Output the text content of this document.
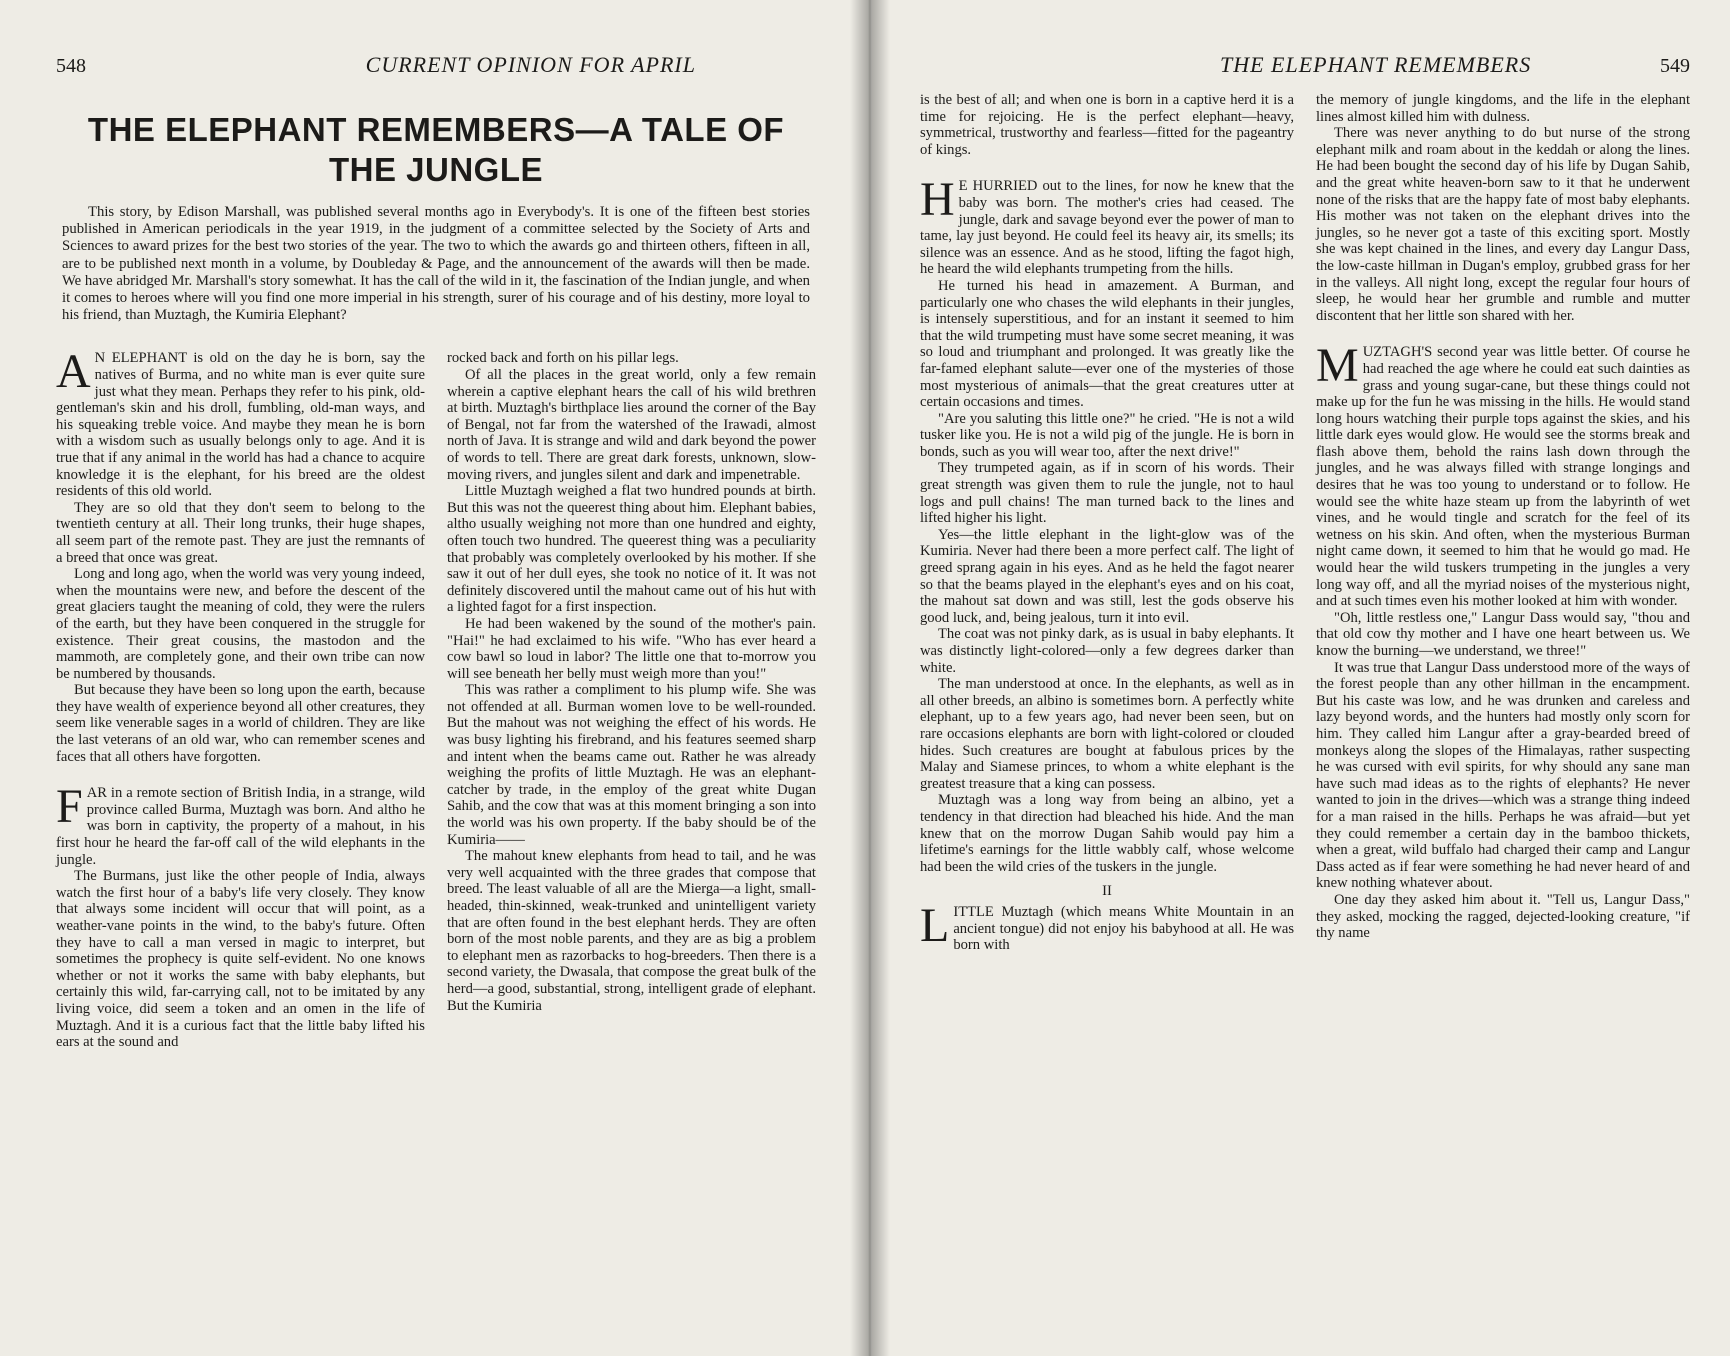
548	CURRENT OPINION FOR APRIL
THE ELEPHANT REMEMBERS—A TALE OF THE JUNGLE

This story, by Edison Marshall, was published several months ago in Everybody's. It is one of the fifteen best stories published in American periodicals in the year 1919, in the judgment of a committee selected by the Society of Arts and Sciences to award prizes for the best two stories of the year. The two to which the awards go and thirteen others, fifteen in all, are to be published next month in a volume, by Doubleday & Page, and the announcement of the awards will then be made. We have abridged Mr. Marshall's story somewhat. It has the call of the wild in it, the fascination of the Indian jungle, and when it comes to heroes where will you find one more imperial in his strength, surer of his courage and of his destiny, more loyal to his friend, than Muztagh, the Kumiria Elephant?

A N ELEPHANT is old on the day he is born, say the natives of Burma, and no white man is ever quite sure just what they mean. Perhaps they refer to his pink, old-gentleman's skin and his droll, fumbling, old-man ways, and his squeaking treble voice. And maybe they mean he is born with a wisdom such as usually belongs only to age. And it is true that if any animal in the world has had a chance to acquire knowledge it is the elephant, for his breed are the oldest residents of this old world.

They are so old that they don't seem to belong to the twentieth century at all. Their long trunks, their huge shapes, all seem part of the remote past. They are just the remnants of a breed that once was great.

Long and long ago, when the world was very young indeed, when the mountains were new, and before the descent of the great glaciers taught the meaning of cold, they were the rulers of the earth, but they have been conquered in the struggle for existence. Their great cousins, the mastodon and the mammoth, are completely gone, and their own tribe can now be numbered by thousands.

But because they have been so long upon the earth, because they have wealth of experience beyond all other creatures, they seem like venerable sages in a world of children. They are like the last veterans of an old war, who can remember scenes and faces that all others have forgotten.

FAR in a remote section of British India, in a strange, wild province called Burma, Muztagh was born. And altho he was born in captivity, the property of a mahout, in his first hour he heard the far-off call of the wild elephants in the jungle.

The Burmans, just like the other people of India, always watch the first hour of a baby's life very closely. They know that always some incident will occur that will point, as a weather-vane points in the wind, to the baby's future. Often they have to call a man versed in magic to interpret, but sometimes the prophecy is quite self-evident. No one knows whether or not it works the same with baby elephants, but certainly this wild, far-carrying call, not to be imitated by any living voice, did seem a token and an omen in the life of Muztagh. And it is a curious fact that the little baby lifted his ears at the sound and

rocked back and forth on his pillar legs.

Of all the places in the great world, only a few remain wherein a captive elephant hears the call of his wild brethren at birth. Muztagh's birthplace lies around the corner of the Bay of Bengal, not far from the watershed of the Irawadi, almost north of Java. It is strange and wild and dark beyond the power of words to tell. There are great dark forests, unknown, slow-moving rivers, and jungles silent and dark and impenetrable.

Little Muztagh weighed a flat two hundred pounds at birth. But this was not the queerest thing about him. Elephant babies, altho usually weighing not more than one hundred and eighty, often touch two hundred. The queerest thing was a peculiarity that probably was completely overlooked by his mother. If she saw it out of her dull eyes, she took no notice of it. It was not definitely discovered until the mahout came out of his hut with a lighted fagot for a first inspection.

He had been wakened by the sound of the mother's pain. "Hai!" he had exclaimed to his wife. "Who has ever heard a cow bawl so loud in labor? The little one that to-morrow you will see beneath her belly must weigh more than you!"

This was rather a compliment to his plump wife. She was not offended at all. Burman women love to be well-rounded. But the mahout was not weighing the effect of his words. He was busy lighting his firebrand, and his features seemed sharp and intent when the beams came out. Rather he was already weighing the profits of little Muztagh. He was an elephant-catcher by trade, in the employ of the great white Dugan Sahib, and the cow that was at this moment bringing a son into the world was his own property. If the baby should be of the Kumiria——

The mahout knew elephants from head to tail, and he was very well acquainted with the three grades that compose that breed. The least valuable of all are the Mierga—a light, small-headed, thin-skinned, weak-trunked and unintelligent variety that are often found in the best elephant herds. They are often born of the most noble parents, and they are as big a problem to elephant men as razorbacks to hog-breeders. Then there is a second variety, the Dwasala, that compose the great bulk of the herd—a good, substantial, strong, intelligent grade of elephant. But the Kumiria

THE ELEPHANT REMEMBERS	549

is the best of all; and when one is born in a captive herd it is a time for rejoicing. He is the perfect elephant—heavy, symmetrical, trustworthy and fearless—fitted for the pageantry of kings.

H E HURRIED out to the lines, for now he knew that the baby was born. The mother's cries had ceased. The jungle, dark and savage beyond ever the power of man to tame, lay just beyond. He could feel its heavy air, its smells; its silence was an essence. And as he stood, lifting the fagot high, he heard the wild elephants trumpeting from the hills.

He turned his head in amazement. A Burman, and particularly one who chases the wild elephants in their jungles, is intensely superstitious, and for an instant it seemed to him that the wild trumpeting must have some secret meaning, it was so loud and triumphant and prolonged. It was greatly like the far-famed elephant salute—ever one of the mysteries of those most mysterious of animals—that the great creatures utter at certain occasions and times.

"Are you saluting this little one?" he cried. "He is not a wild tusker like you. He is not a wild pig of the jungle. He is born in bonds, such as you will wear too, after the next drive!"

They trumpeted again, as if in scorn of his words. Their great strength was given them to rule the jungle, not to haul logs and pull chains! The man turned back to the lines and lifted higher his light.

Yes—the little elephant in the light-glow was of the Kumiria. Never had there been a more perfect calf. The light of greed sprang again in his eyes. And as he held the fagot nearer so that the beams played in the elephant's eyes and on his coat, the mahout sat down and was still, lest the gods observe his good luck, and, being jealous, turn it into evil.

The coat was not pinky dark, as is usual in baby elephants. It was distinctly light-colored—only a few degrees darker than white.

The man understood at once. In the elephants, as well as in all other breeds, an albino is sometimes born. A perfectly white elephant, up to a few years ago, had never been seen, but on rare occasions elephants are born with light-colored or clouded hides. Such creatures are bought at fabulous prices by the Malay and Siamese princes, to whom a white elephant is the greatest treasure that a king can possess.

Muztagh was a long way from being an albino, yet a tendency in that direction had bleached his hide. And the man knew that on the morrow Dugan Sahib would pay him a lifetime's earnings for the little wabbly calf, whose welcome had been the wild cries of the tuskers in the jungle.

II

LITTLE Muztagh (which means White Mountain in an ancient tongue) did not enjoy his babyhood at all. He was born with

the memory of jungle kingdoms, and the life in the elephant lines almost killed him with dulness.

There was never anything to do but nurse of the strong elephant milk and roam about in the keddah or along the lines. He had been bought the second day of his life by Dugan Sahib, and the great white heaven-born saw to it that he underwent none of the risks that are the happy fate of most baby elephants. His mother was not taken on the elephant drives into the jungles, so he never got a taste of this exciting sport. Mostly she was kept chained in the lines, and every day Langur Dass, the low-caste hillman in Dugan's employ, grubbed grass for her in the valleys. All night long, except the regular four hours of sleep, he would hear her grumble and rumble and mutter discontent that her little son shared with her.

MUZTAGH'S second year was little better. Of course he had reached the age where he could eat such dainties as grass and young sugar-cane, but these things could not make up for the fun he was missing in the hills. He would stand long hours watching their purple tops against the skies, and his little dark eyes would glow. He would see the storms break and flash above them, behold the rains lash down through the jungles, and he was always filled with strange longings and desires that he was too young to understand or to follow. He would see the white haze steam up from the labyrinth of wet vines, and he would tingle and scratch for the feel of its wetness on his skin. And often, when the mysterious Burman night came down, it seemed to him that he would go mad. He would hear the wild tuskers trumpeting in the jungles a very long way off, and all the myriad noises of the mysterious night, and at such times even his mother looked at him with wonder.

"Oh, little restless one," Langur Dass would say, "thou and that old cow thy mother and I have one heart between us. We know the burning—we understand, we three!"

It was true that Langur Dass understood more of the ways of the forest people than any other hillman in the encampment. But his caste was low, and he was drunken and careless and lazy beyond words, and the hunters had mostly only scorn for him. They called him Langur after a gray-bearded breed of monkeys along the slopes of the Himalayas, rather suspecting he was cursed with evil spirits, for why should any sane man have such mad ideas as to the rights of elephants? He never wanted to join in the drives—which was a strange thing indeed for a man raised in the hills. Perhaps he was afraid—but yet they could remember a certain day in the bamboo thickets, when a great, wild buffalo had charged their camp and Langur Dass acted as if fear were something he had never heard of and knew nothing whatever about.

One day they asked him about it. "Tell us, Langur Dass," they asked, mocking the ragged, dejected-looking creature, "if thy name
